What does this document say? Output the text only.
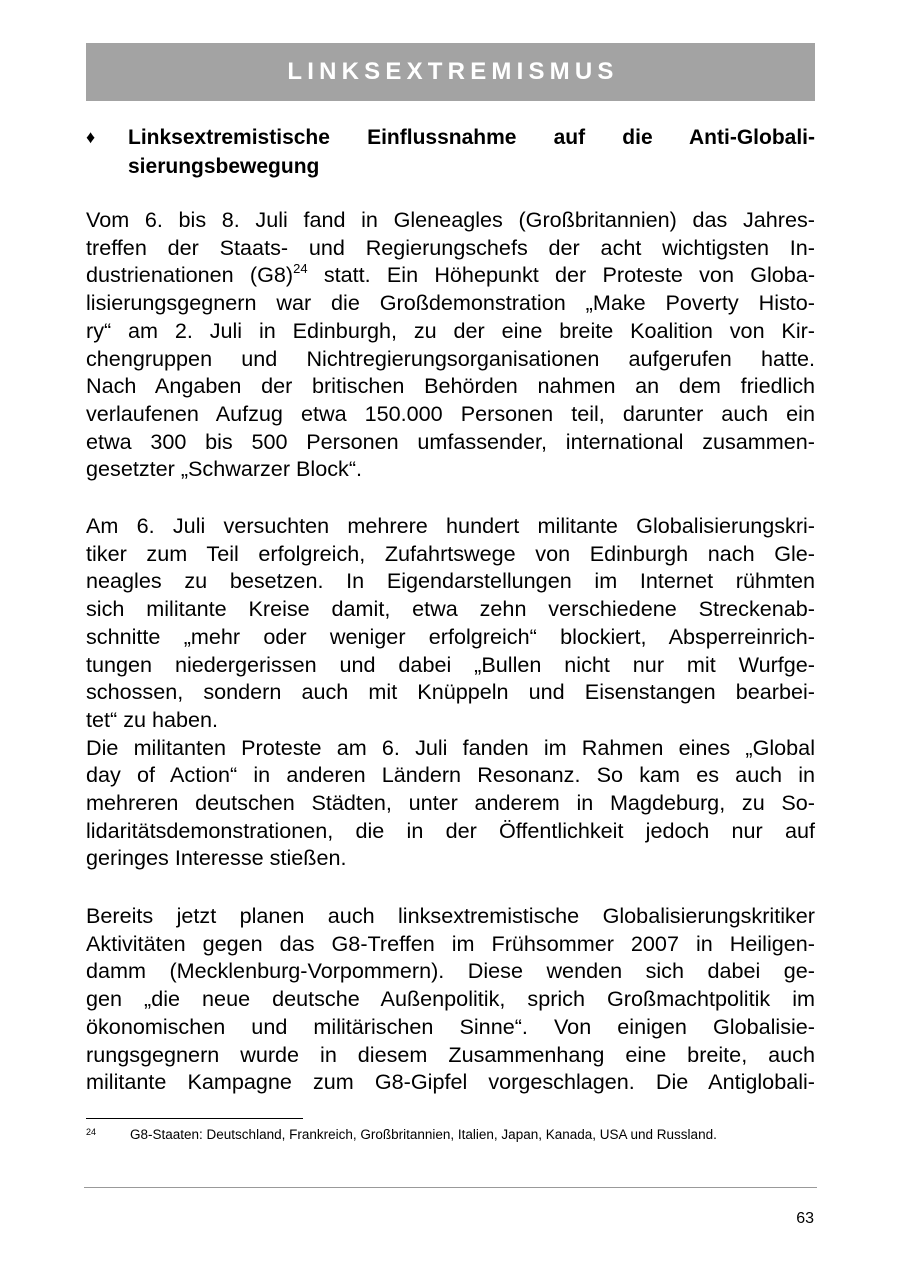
LINKSEXTREMISMUS
♦	Linksextremistische Einflussnahme auf die Anti-Globali-
sierungsbewegung
Vom 6. bis 8. Juli fand in Gleneagles (Großbritannien) das Jahres-
treffen der Staats- und Regierungschefs der acht wichtigsten In-
dustrienationen $(G8)^{24}$ statt. Ein Höhepunkt der Proteste von Globa-
lisierungsgegnern war die Großdemonstration „Make Poverty Histo-
ry“ am 2. Juli in Edinburgh, zu der eine breite Koalition von Kir-
chengruppen und Nichtregierungsorganisationen aufgerufen hatte.
Nach Angaben der britischen Behörden nahmen an dem friedlich
verlaufenen Aufzug etwa 150.000 Personen teil, darunter auch ein
etwa 300 bis 500 Personen umfassender, international zusammen-
gesetzter „Schwarzer Block“.
Am 6. Juli versuchten mehrere hundert militante Globalisierungskri-
tiker zum Teil erfolgreich, Zufahrtswege von Edinburgh nach Gle-
neagles zu besetzen. In Eigendarstellungen im Internet rühmten
sich militante Kreise damit, etwa zehn verschiedene Streckenab-
schnitte „mehr oder weniger erfolgreich“ blockiert, Absperreinrich-
tungen niedergerissen und dabei „Bullen nicht nur mit Wurfge-
schossen, sondern auch mit Knüppeln und Eisenstangen bearbei-
tet“ zu haben.
Die militanten Proteste am 6. Juli fanden im Rahmen eines „Global
day of Action“ in anderen Ländern Resonanz. So kam es auch in
mehreren deutschen Städten, unter anderem in Magdeburg, zu So-
lidaritätsdemonstrationen, die in der Öffentlichkeit jedoch nur auf
geringes Interesse stießen.
Bereits jetzt planen auch linksextremistische Globalisierungskritiker
Aktivitäten gegen das G8-Treffen im Frühsommer 2007 in Heiligen-
damm (Mecklenburg-Vorpommern). Diese wenden sich dabei ge-
gen „die neue deutsche Außenpolitik, sprich Großmachtpolitik im
ökonomischen und militärischen Sinne“. Von einigen Globalisie-
rungsgegnern wurde in diesem Zusammenhang eine breite, auch
militante Kampagne zum G8-Gipfel vorgeschlagen. Die Antiglobali-
24	G8-Staaten: Deutschland, Frankreich, Großbritannien, Italien, Japan, Kanada, USA und Russland.
63
